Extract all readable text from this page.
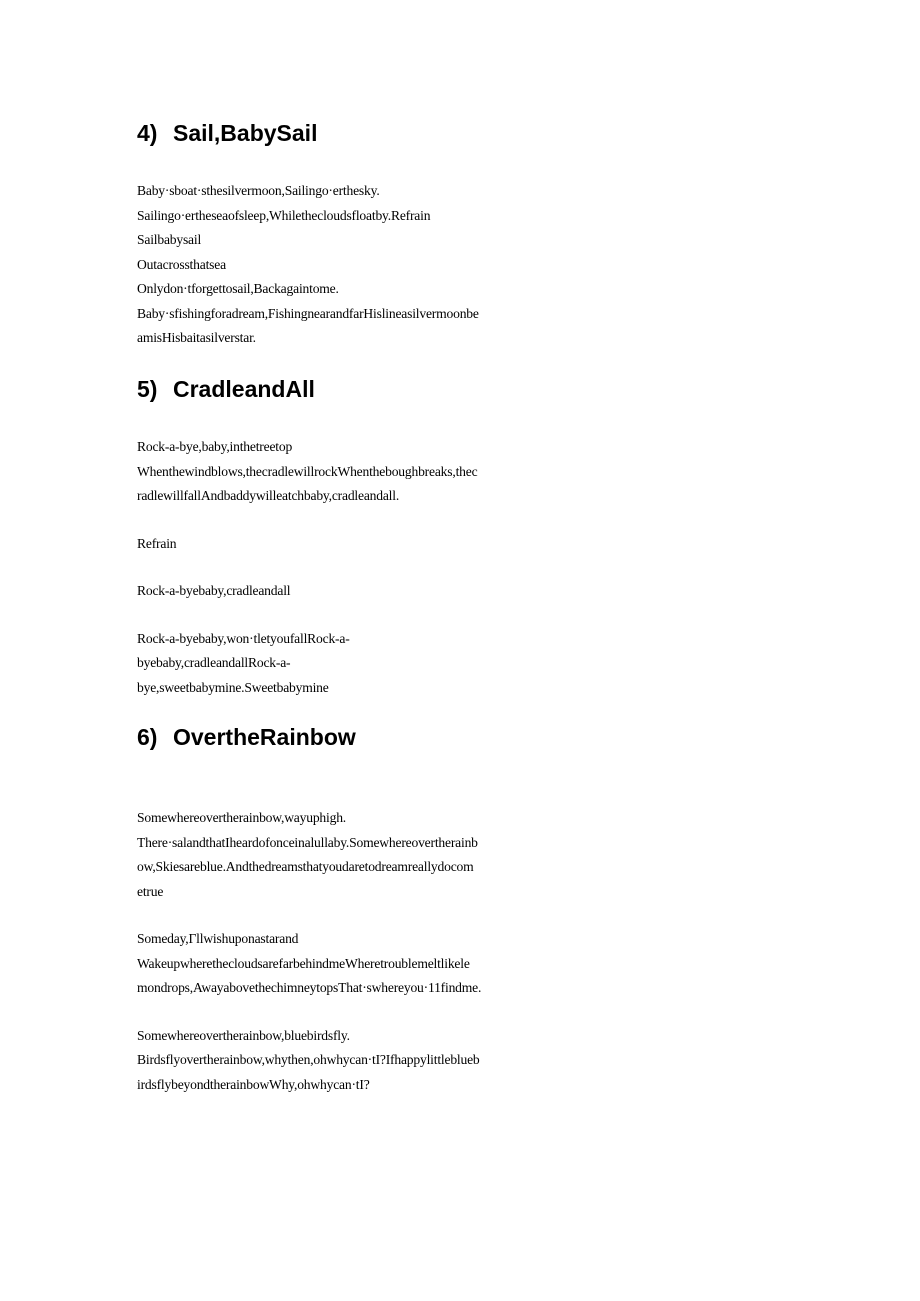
4) Sail,BabySail

Baby·sboat·sthesilvermoon,Sailingo·erthesky.

Sailingo·ertheseaofsleep,Whilethecloudsfloatby.Refrain

Sailbabysail

Outacrossthatsea

Onlydon·tforgettosail,Backagaintome.

Baby·sfishingforadream,FishingnearandfarHislineasilvermoonbe

amisHisbaitasilverstar.

5) CradleandAll

Rock-a-bye,baby,inthetreetop

Whenthewindblows,thecradlewillrockWhentheboughbreaks,thec

radlewillfallAndbaddywilleatchbaby,cradleandall.

Refrain

Rock-a-byebaby,cradleandall

Rock-a-byebaby,won·tletyoufallRock-a-

byebaby,cradleandallRock-a-

bye,sweetbabymine.Sweetbabymine

6) OvertheRainbow

Somewhereovertherainbow,wayuphigh.

There·salandthatIheardofonceinalullaby.Somewhereovertherainb

ow,Skiesareblue.Andthedreamsthatyoudaretodreamreallydocom

etrue

Someday,Γllwishuponastarand

WakeupwherethecloudsarefarbehindmeWheretroublemeltlikele

mondrops,AwayabovethechimneytopsThat·swhereyou·11findme.

Somewhereovertherainbow,bluebirdsfly.

Birdsflyovertherainbow,whythen,ohwhycan·tI?Ifhappylittleblueb

irdsflybeyondtherainbowWhy,ohwhycan·tI?
